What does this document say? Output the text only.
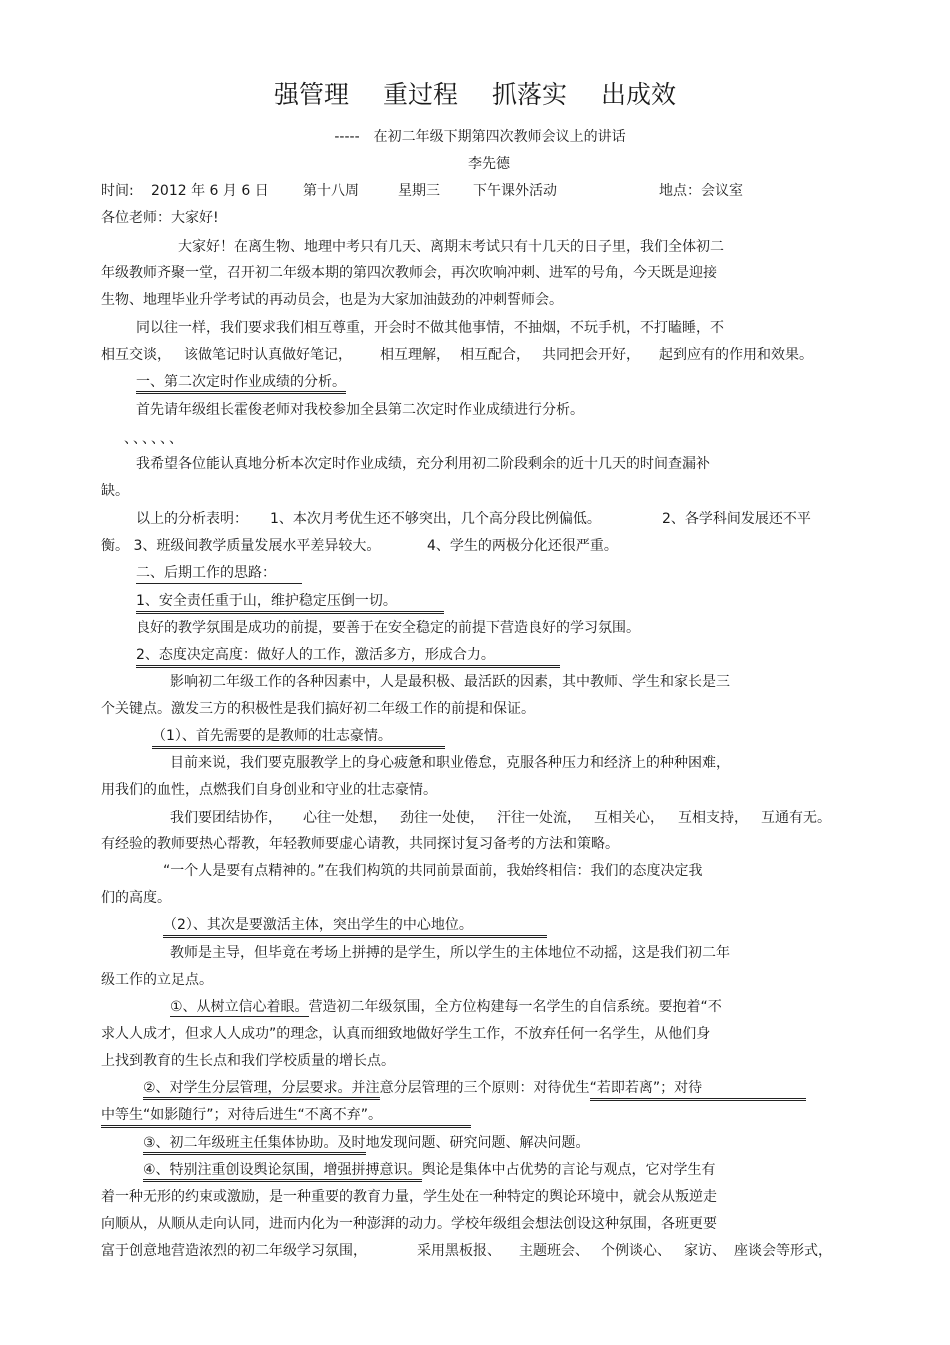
强管理 重过程 抓落实 出成效
-----　在初二年级下期第四次教师会议上的讲话
李先德
时间: 2012 年 6 月 6 日 第十八周	星期三 下午课外活动	地点：会议室
各位老师：大家好!
大家好！在离生物、地理中考只有几天、离期末考试只有十几天的日子里，我们全体初二
年级教师齐聚一堂，召开初二年级本期的第四次教师会，再次吹响冲刺、进军的号角，今天既是迎接
生物、地理毕业升学考试的再动员会，也是为大家加油鼓劲的冲刺誓师会。
同以往一样，我们要求我们相互尊重，开会时不做其他事情，不抽烟，不玩手机，不打瞌睡，不
相互交谈， 该做笔记时认真做好笔记， 相互理解， 相互配合， 共同把会开好， 起到应有的作用和效果。
一、第二次定时作业成绩的分析。
首先请年级组长霍俊老师对我校参加全县第二次定时作业成绩进行分析。
、、、、、、
我希望各位能认真地分析本次定时作业成绩，充分利用初二阶段剩余的近十几天的时间查漏补
缺。
以上的分析表明： 1、本次月考优生还不够突出，几个高分段比例偏低。	2、各学科间发展还不平
衡。 3、班级间教学质量发展水平差异较大。	4、学生的两极分化还很严重。
二、后期工作的思路：
1、安全责任重于山，维护稳定压倒一切。
良好的教学氛围是成功的前提，要善于在安全稳定的前提下营造良好的学习氛围。
2、态度决定高度：做好人的工作，激活多方，形成合力。
影响初二年级工作的各种因素中，人是最积极、最活跃的因素，其中教师、学生和家长是三
个关键点。激发三方的积极性是我们搞好初二年级工作的前提和保证。
（1）、首先需要的是教师的壮志豪情。
目前来说，我们要克服教学上的身心疲惫和职业倦怠，克服各种压力和经济上的种种困难，
用我们的血性，点燃我们自身创业和守业的壮志豪情。
我们要团结协作， 心往一处想， 劲往一处使， 汗往一处流， 互相关心， 互相支持， 互通有无。
有经验的教师要热心帮教，年轻教师要虚心请教，共同探讨复习备考的方法和策略。
“一个人是要有点精神的。”在我们构筑的共同前景面前，我始终相信：我们的态度决定我
们的高度。
（2）、其次是要激活主体，突出学生的中心地位。
教师是主导，但毕竟在考场上拼搏的是学生，所以学生的主体地位不动摇，这是我们初二年
级工作的立足点。
①、从树立信心着眼。营造初二年级氛围，全方位构建每一名学生的自信系统。要抱着“不
求人人成才，但求人人成功”的理念，认真而细致地做好学生工作，不放弃任何一名学生，从他们身
上找到教育的生长点和我们学校质量的增长点。
②、对学生分层管理，分层要求。并注意分层管理的三个原则：对待优生“若即若离”；对待
中等生“如影随行”；对待后进生“不离不弃”。
③、初二年级班主任集体协助。及时地发现问题、研究问题、解决问题。
④、特别注重创设舆论氛围，增强拼搏意识。舆论是集体中占优势的言论与观点，它对学生有
着一种无形的约束或激励，是一种重要的教育力量，学生处在一种特定的舆论环境中，就会从叛逆走
向顺从，从顺从走向认同，进而内化为一种澎湃的动力。学校年级组会想法创设这种氛围，各班更要
富于创意地营造浓烈的初二年级学习氛围，	采用黑板报、 主题班会、 个例谈心、 家访、 座谈会等形式，
